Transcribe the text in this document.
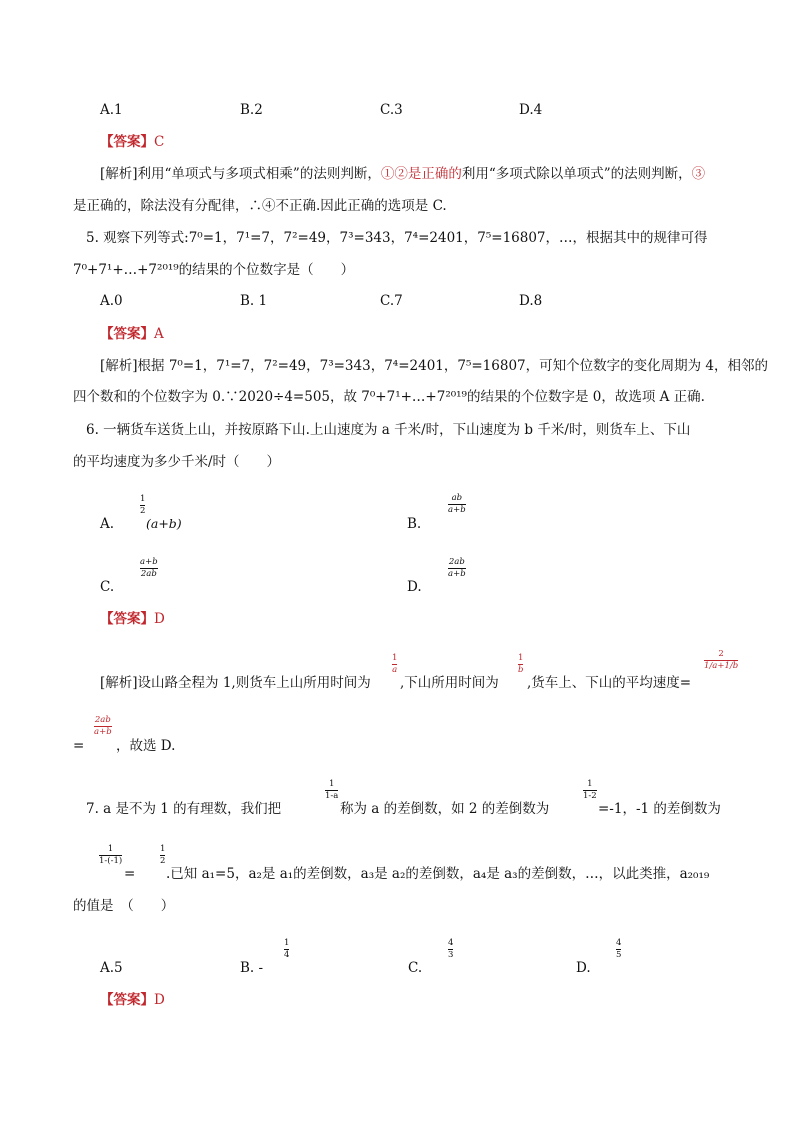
A.1	B.2	C.3	D.4
【答案】C
[解析]利用“单项式与多项式相乘”的法则判断，①②是正确的利用“多项式除以单项式”的法则判断，③
是正确的，除法没有分配律，∴④不正确.因此正确的选项是 C.
5. 观察下列等式:7⁰=1，7¹=7，7²=49，7³=343，7⁴=2401，7⁵=16807，…，根据其中的规律可得
7⁰+7¹+…+7²⁰¹⁹的结果的个位数字是（　　）
A.0	B. 1	C.7	D.8
【答案】A
[解析]根据 7⁰=1，7¹=7，7²=49，7³=343，7⁴=2401，7⁵=16807，可知个位数字的变化周期为 4，相邻的
四个数和的个位数字为 0.∵2020÷4=505，故 7⁰+7¹+…+7²⁰¹⁹的结果的个位数字是 0，故选项 A 正确.
6. 一辆货车送货上山，并按原路下山.上山速度为 a 千米/时，下山速度为 b 千米/时，则货车上、下山
的平均速度为多少千米/时（　　）
A.
1
2
(a+b)	B.
ab
a+b
C.
a+b
2ab
D.
2ab
a+b
【答案】D
[解析]设山路全程为 1,则货车上山所用时间为
1
a
,下山所用时间为
1
b
,货车上、下山的平均速度=
2
1/a+1/b
=
2ab
a+b
，故选 D.
7. a 是不为 1 的有理数，我们把
1
1-a
称为 a 的差倒数，如 2 的差倒数为
1
1-2
=-1，-1 的差倒数为
1
1-(-1)
=
1
2
.已知 a₁=5，a₂是 a₁的差倒数，a₃是 a₂的差倒数，a₄是 a₃的差倒数，…，以此类推，a₂₀₁₉
的值是　（　　）
A.5	B. -
1
4
C.
4
3
D.
4
5
【答案】D
